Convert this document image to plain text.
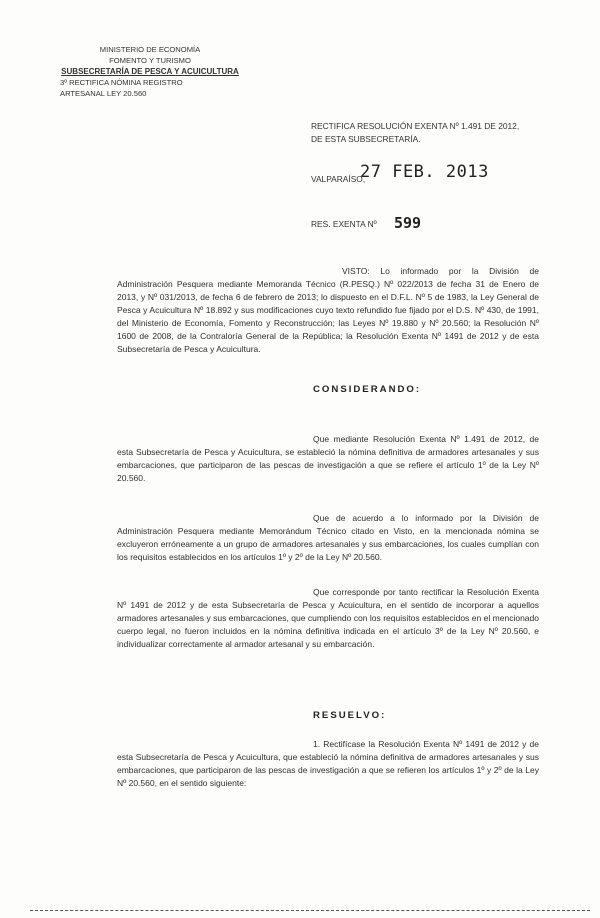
MINISTERIO DE ECONOMÍA
FOMENTO Y TURISMO
SUBSECRETARÍA DE PESCA Y ACUICULTURA
3º RECTIFICA NÓMINA REGISTRO
ARTESANAL LEY 20.560
RECTIFICA RESOLUCIÓN EXENTA Nº 1.491 DE 2012,
DE ESTA SUBSECRETARÍA.
27 FEB. 2013
VALPARAÍSO,
RES. EXENTA Nº 599
VISTO: Lo informado por la División de Administración Pesquera mediante Memoranda Técnico (R.PESQ.) Nº 022/2013 de fecha 31 de Enero de 2013, y Nº 031/2013, de fecha 6 de febrero de 2013; lo dispuesto en el D.F.L. Nº 5 de 1983, la Ley General de Pesca y Acuicultura Nº 18.892 y sus modificaciones cuyo texto refundido fue fijado por el D.S. Nº 430, de 1991, del Ministerio de Economía, Fomento y Reconstrucción; las Leyes Nº 19.880 y Nº 20.560; la Resolución Nº 1600 de 2008, de la Contraloría General de la República; la Resolución Exenta Nº 1491 de 2012 y de esta Subsecretaría de Pesca y Acuicultura.
CONSIDERANDO:
Que mediante Resolución Exenta Nº 1.491 de 2012, de esta Subsecretaría de Pesca y Acuicultura, se estableció la nómina definitiva de armadores artesanales y sus embarcaciones, que participaron de las pescas de investigación a que se refiere el artículo 1º de la Ley Nº 20.560.
Que de acuerdo a lo informado por la División de Administración Pesquera mediante Memorándum Técnico citado en Visto, en la mencionada nómina se excluyeron erróneamente a un grupo de armadores artesanales y sus embarcaciones, los cuales cumplían con los requisitos establecidos en los artículos 1º y 2º de la Ley Nº 20.560.
Que corresponde por tanto rectificar la Resolución Exenta Nº 1491 de 2012 y de esta Subsecretaría de Pesca y Acuicultura, en el sentido de incorporar a aquellos armadores artesanales y sus embarcaciones, que cumpliendo con los requisitos establecidos en el mencionado cuerpo legal, no fueron incluidos en la nómina definitiva indicada en el artículo 3º de la Ley Nº 20.560, e individualizar correctamente al armador artesanal y su embarcación.
RESUELVO:
1. Rectifícase la Resolución Exenta Nº 1491 de 2012 y de esta Subsecretaría de Pesca y Acuicultura, que estableció la nómina definitiva de armadores artesanales y sus embarcaciones, que participaron de las pescas de investigación a que se refieren los artículos 1º y 2º de la Ley Nº 20.560, en el sentido siguiente:
